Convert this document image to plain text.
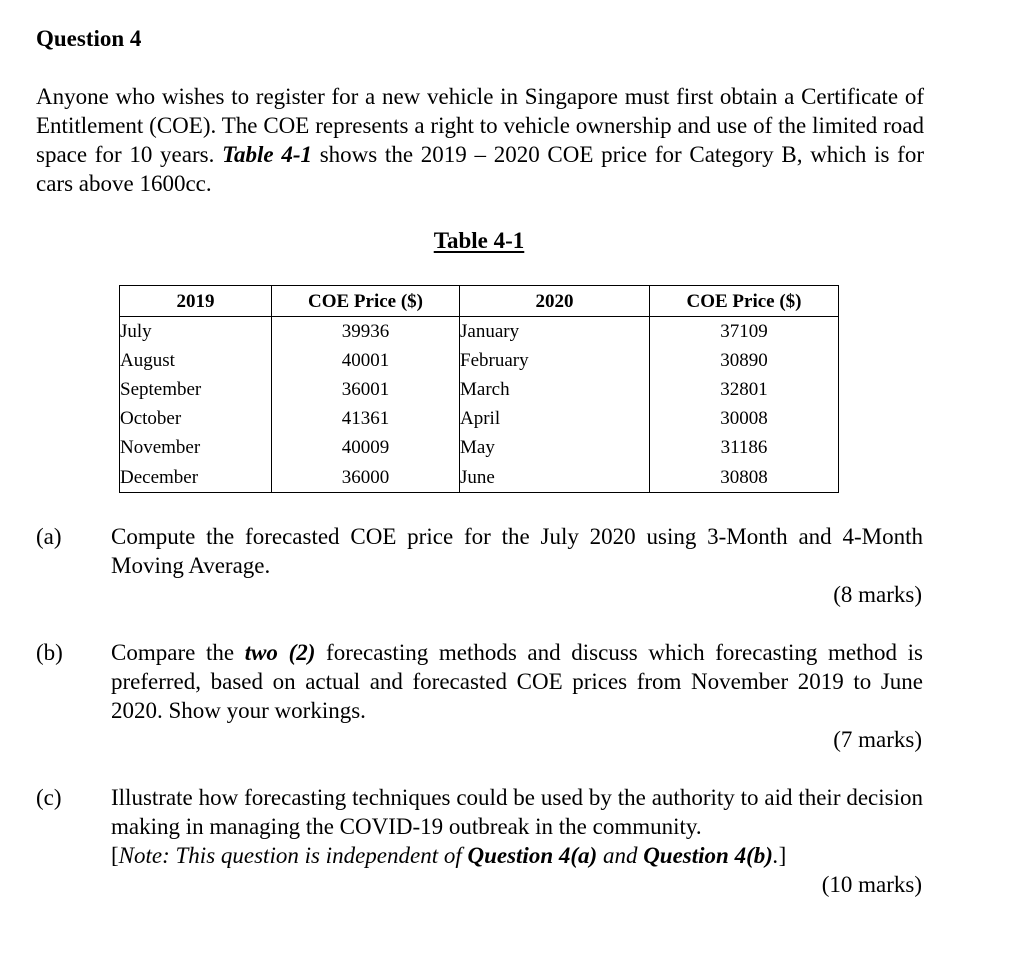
Question 4
Anyone who wishes to register for a new vehicle in Singapore must first obtain a Certificate of Entitlement (COE). The COE represents a right to vehicle ownership and use of the limited road space for 10 years. Table 4-1 shows the 2019 – 2020 COE price for Category B, which is for cars above 1600cc.
Table 4-1
2019	COE Price ($)	2020	COE Price ($)
July	39936	January	37109
August	40001	February	30890
September	36001	March	32801
October	41361	April	30008
November	40009	May	31186
December	36000	June	30808
(a) Compute the forecasted COE price for the July 2020 using 3-Month and 4-Month Moving Average.
(8 marks)
(b) Compare the two (2) forecasting methods and discuss which forecasting method is preferred, based on actual and forecasted COE prices from November 2019 to June 2020. Show your workings.
(7 marks)
(c) Illustrate how forecasting techniques could be used by the authority to aid their decision making in managing the COVID-19 outbreak in the community.
[Note: This question is independent of Question 4(a) and Question 4(b).]
(10 marks)
